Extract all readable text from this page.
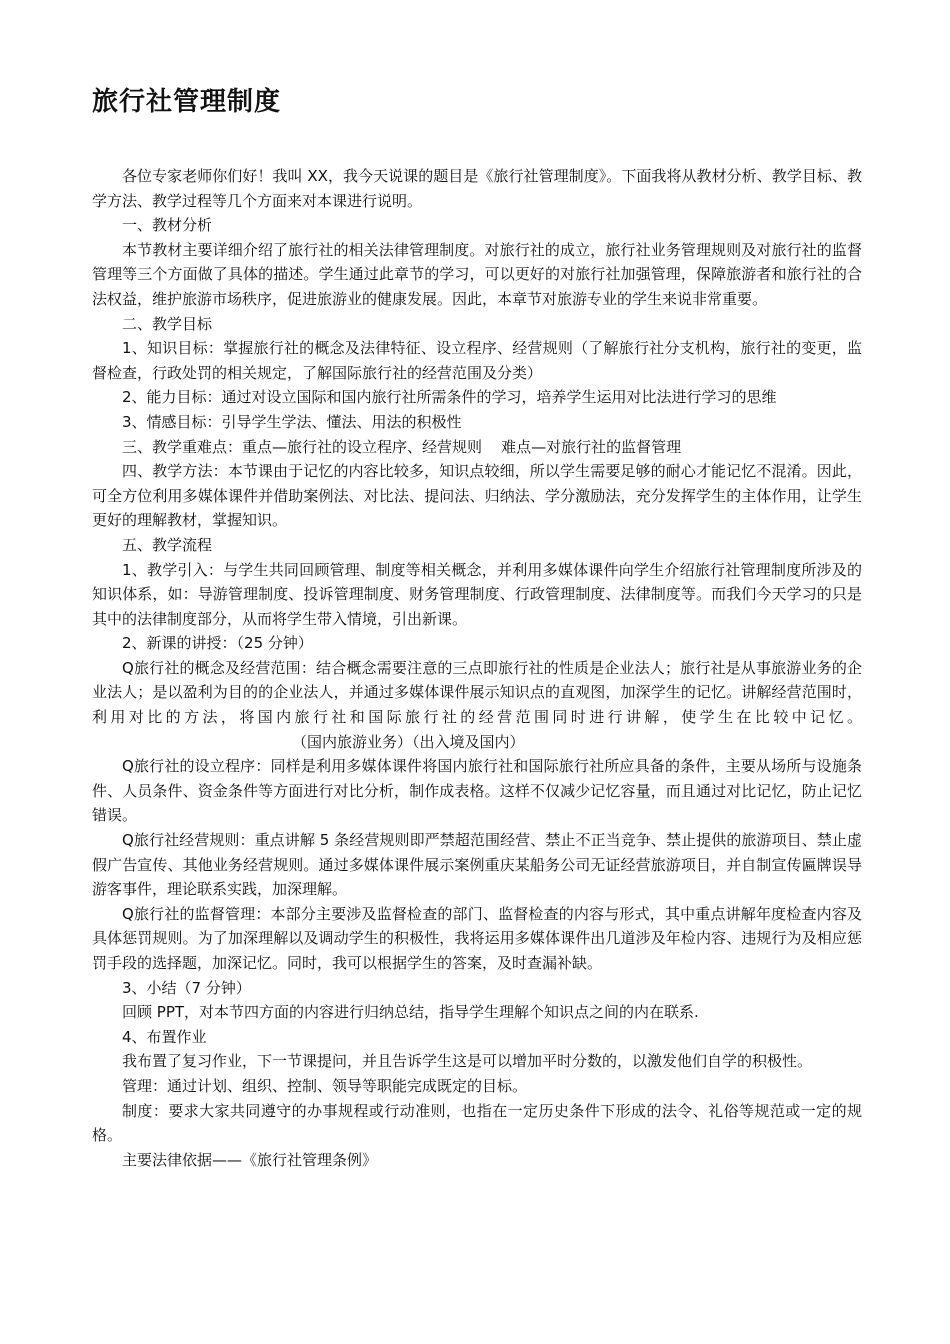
旅行社管理制度

各位专家老师你们好！我叫 XX，我今天说课的题目是《旅行社管理制度》。下面我将从教材分析、教学目标、教学方法、教学过程等几个方面来对本课进行说明。

一、教材分析

本节教材主要详细介绍了旅行社的相关法律管理制度。对旅行社的成立，旅行社业务管理规则及对旅行社的监督管理等三个方面做了具体的描述。学生通过此章节的学习，可以更好的对旅行社加强管理，保障旅游者和旅行社的合法权益，维护旅游市场秩序，促进旅游业的健康发展。因此，本章节对旅游专业的学生来说非常重要。

二、教学目标

1、知识目标：掌握旅行社的概念及法律特征、设立程序、经营规则（了解旅行社分支机构，旅行社的变更，监督检查，行政处罚的相关规定，了解国际旅行社的经营范围及分类）

2、能力目标：通过对设立国际和国内旅行社所需条件的学习，培养学生运用对比法进行学习的思维

3、情感目标：引导学生学法、懂法、用法的积极性

三、教学重难点：重点—旅行社的设立程序、经营规则    难点—对旅行社的监督管理

四、教学方法：本节课由于记忆的内容比较多，知识点较细，所以学生需要足够的耐心才能记忆不混淆。因此，可全方位利用多媒体课件并借助案例法、对比法、提问法、归纳法、学分激励法，充分发挥学生的主体作用，让学生更好的理解教材，掌握知识。

五、教学流程

1、教学引入：与学生共同回顾管理、制度等相关概念，并利用多媒体课件向学生介绍旅行社管理制度所涉及的知识体系，如：导游管理制度、投诉管理制度、财务管理制度、行政管理制度、法律制度等。而我们今天学习的只是其中的法律制度部分，从而将学生带入情境，引出新课。

2、新课的讲授：（25 分钟）

Q旅行社的概念及经营范围：结合概念需要注意的三点即旅行社的性质是企业法人；旅行社是从事旅游业务的企业法人；是以盈利为目的的企业法人，并通过多媒体课件展示知识点的直观图，加深学生的记忆。讲解经营范围时，利用对比的方法，将国内旅行社和国际旅行社的经营范围同时进行讲解，使学生在比较中记忆。（国内旅游业务）（出入境及国内）

Q旅行社的设立程序：同样是利用多媒体课件将国内旅行社和国际旅行社所应具备的条件，主要从场所与设施条件、人员条件、资金条件等方面进行对比分析，制作成表格。这样不仅减少记忆容量，而且通过对比记忆，防止记忆错误。

Q旅行社经营规则：重点讲解 5 条经营规则即严禁超范围经营、禁止不正当竞争、禁止提供的旅游项目、禁止虚假广告宣传、其他业务经营规则。通过多媒体课件展示案例重庆某船务公司无证经营旅游项目，并自制宣传匾牌误导游客事件，理论联系实践，加深理解。

Q旅行社的监督管理：本部分主要涉及监督检查的部门、监督检查的内容与形式，其中重点讲解年度检查内容及具体惩罚规则。为了加深理解以及调动学生的积极性，我将运用多媒体课件出几道涉及年检内容、违规行为及相应惩罚手段的选择题，加深记忆。同时，我可以根据学生的答案，及时查漏补缺。

3、小结（7 分钟）

回顾 PPT，对本节四方面的内容进行归纳总结，指导学生理解个知识点之间的内在联系.

4、布置作业

我布置了复习作业，下一节课提问，并且告诉学生这是可以增加平时分数的，以激发他们自学的积极性。

管理：通过计划、组织、控制、领导等职能完成既定的目标。

制度：要求大家共同遵守的办事规程或行动准则，也指在一定历史条件下形成的法令、礼俗等规范或一定的规格。

主要法律依据——《旅行社管理条例》
